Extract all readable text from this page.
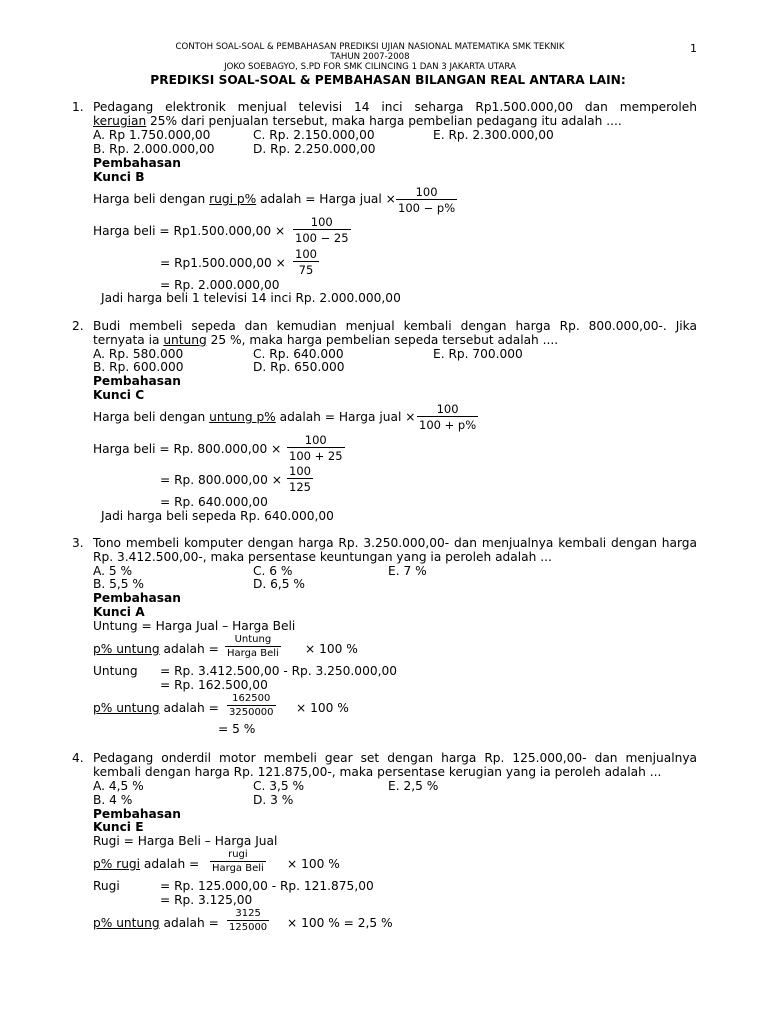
CONTOH SOAL-SOAL & PEMBAHASAN PREDIKSI UJIAN NASIONAL MATEMATIKA SMK TEKNIK
TAHUN 2007-2008
JOKO SOEBAGYO, S.PD FOR SMK CILINCING 1 DAN 3 JAKARTA UTARA
1
PREDIKSI SOAL-SOAL & PEMBAHASAN BILANGAN REAL ANTARA LAIN:
1. Pedagang elektronik menjual televisi 14 inci seharga Rp1.500.000,00 dan memperoleh
kerugian 25% dari penjualan tersebut, maka harga pembelian pedagang itu adalah ....
A. Rp 1.750.000,00	C. Rp. 2.150.000,00	E. Rp. 2.300.000,00
B. Rp. 2.000.000,00	D. Rp. 2.250.000,00
Pembahasan
Kunci B
Harga beli dengan rugi p% adalah = Harga jual × $\frac{100}{100 - p\%}$
Harga beli = $Rp1.500.000,00 \times \frac{100}{100 - 25}$
= $Rp1.500.000,00 \times \frac{100}{75}$
= Rp. 2.000.000,00
Jadi harga beli 1 televisi 14 inci Rp. 2.000.000,00
2. Budi membeli sepeda dan kemudian menjual kembali dengan harga Rp. 800.000,00-. Jika
ternyata ia untung 25 %, maka harga pembelian sepeda tersebut adalah ....
A. Rp. 580.000	C. Rp. 640.000	E. Rp. 700.000
B. Rp. 600.000	D. Rp. 650.000
Pembahasan
Kunci C
Harga beli dengan untung p% adalah = Harga jual × $\frac{100}{100 + p\%}$
Harga beli = Rp. $800.000,00 \times \frac{100}{100 + 25}$
= Rp. $800.000,00 \times \frac{100}{125}$
= Rp. 640.000,00
Jadi harga beli sepeda Rp. 640.000,00
3. Tono membeli komputer dengan harga Rp. 3.250.000,00- dan menjualnya kembali dengan harga
Rp. 3.412.500,00-, maka persentase keuntungan yang ia peroleh adalah ...
A. 5 %	C. 6 %	E. 7 %
B. 5,5 %	D. 6,5 %
Pembahasan
Kunci A
Untung = Harga Jual – Harga Beli
p% untung adalah =
Untung
Harga Beli × 100 %
Untung = Rp. 3.412.500,00 - Rp. 3.250.000,00
= Rp. 162.500,00
p% untung adalah = $\frac{162500}{3250000} \times 100$ %
= 5 %
4. Pedagang onderdil motor membeli gear set dengan harga Rp. 125.000,00- dan menjualnya
kembali dengan harga Rp. 121.875,00-, maka persentase kerugian yang ia peroleh adalah ...
A. 4,5 %	C. 3,5 %	E. 2,5 %
B. 4 %	D. 3 %
Pembahasan
Kunci E
Rugi = Harga Beli – Harga Jual
p% rugi adalah =
rugi
Harga Beli × 100 %
Rugi	= Rp. 125.000,00 - Rp. 121.875,00
= Rp. 3.125,00
p% untung adalah = $\frac{3125}{125000} \times 100$ % = 2,5 %
